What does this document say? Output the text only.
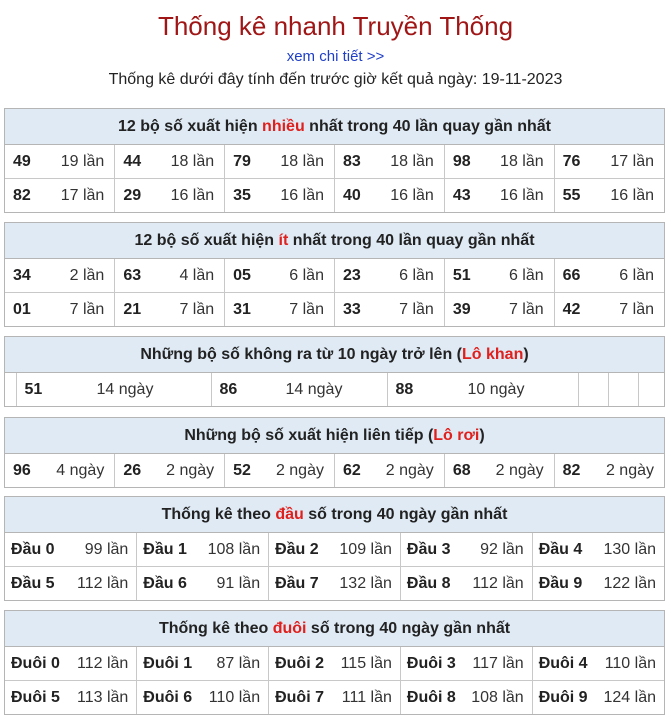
Thống kê nhanh Truyền Thống
xem chi tiết >>
Thống kê dưới đây tính đến trước giờ kết quả ngày: 19-11-2023
12 bộ số xuất hiện nhiều nhất trong 40 lần quay gần nhất
49 19 lần	44 18 lần	79 18 lần	83 18 lần	98 18 lần	76 17 lần

82 17 lần	29 16 lần	35 16 lần	40 16 lần	43 16 lần	55 16 lần
12 bộ số xuất hiện ít nhất trong 40 lần quay gần nhất
34 2 lần	63 4 lần	05 6 lần	23 6 lần	51 6 lần	66 6 lần

01 7 lần	21 7 lần	31 7 lần	33 7 lần	39 7 lần	42 7 lần
Những bộ số không ra từ 10 ngày trở lên (Lô khan)

51	14 ngày	86	14 ngày	88	10 ngày

Những bộ số xuất hiện liên tiếp (Lô rơi)
96 4 ngày	26 2 ngày	52 2 ngày	62 2 ngày	68 2 ngày	82 2 ngày
Thống kê theo đầu số trong 40 ngày gần nhất
Đầu 0 99 lần	Đầu 1 108 lần	Đầu 2 109 lần	Đầu 3 92 lần	Đầu 4 130 lần

Đầu 5 112 lần	Đầu 6 91 lần	Đầu 7 132 lần	Đầu 8 112 lần	Đầu 9 122 lần
Thống kê theo đuôi số trong 40 ngày gần nhất
Đuôi 0 112 lần	Đuôi 1 87 lần	Đuôi 2 115 lần	Đuôi 3 117 lần	Đuôi 4 110 lần

Đuôi 5 113 lần	Đuôi 6 110 lần	Đuôi 7 111 lần	Đuôi 8 108 lần	Đuôi 9 124 lần
